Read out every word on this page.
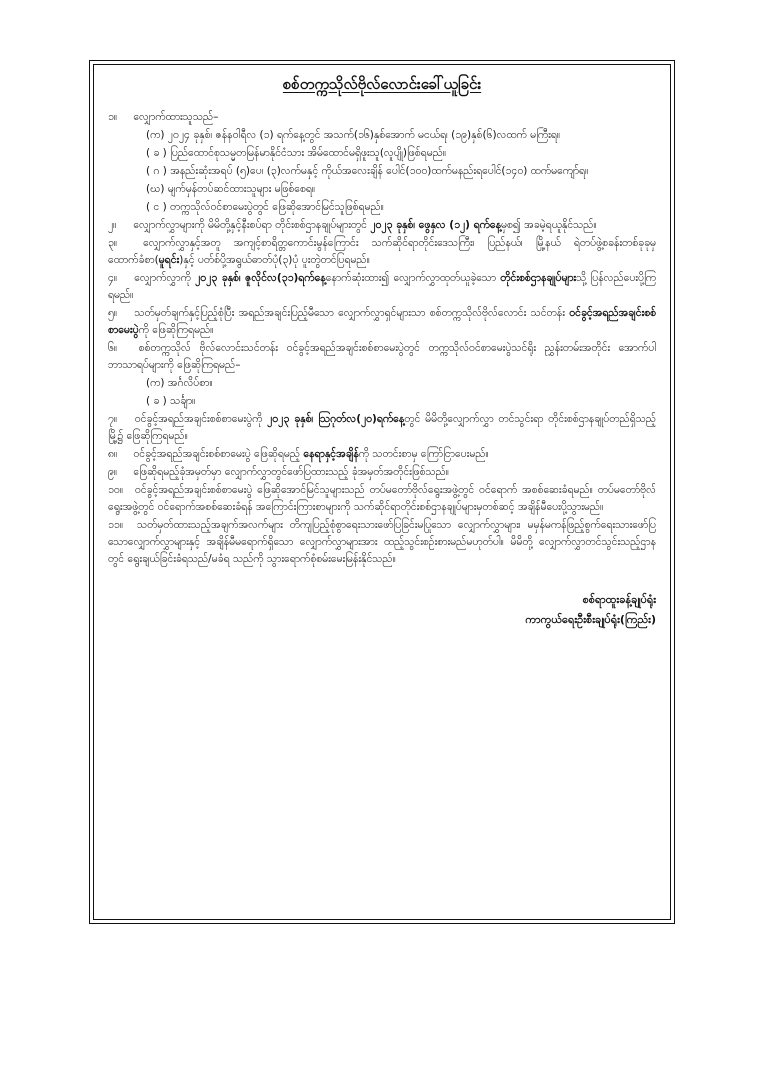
စစ်တက္ကသိုလ်ဗိုလ်လောင်းခေါ်ယူခြင်း
၁။ လျှောက်ထားသူသည်–
(က) ၂၀၂၄ ခုနှစ်၊ ဇန်နဝါရီလ (၁) ရက်နေ့တွင် အသက်(၁၆)နှစ်အောက် မငယ်ရ၊ (၁၉)နှစ်(၆)လထက် မကြီးရ။
( ခ ) ပြည်ထောင်စုသမ္မတမြန်မာနိုင်ငံသား အိမ်ထောင်မရှိဖူးသူ(လူပျို)ဖြစ်ရမည်။
( ဂ ) အနည်းဆုံးအရပ် (၅)ပေ၊ (၃)လက်မနှင့် ကိုယ်အလေးချိန် ပေါင်(၁၀၀)ထက်မနည်းရပေါင်(၁၄၀) ထက်မကျော်ရ။
(ဃ) မျက်မှန်တပ်ဆင်ထားသူများ မဖြစ်စေရ။
( င ) တက္ကသိုလ်ဝင်စာမေးပွဲတွင် ဖြေဆိုအောင်မြင်သူဖြစ်ရမည်။
၂။ လျှောက်လွှာများကို မိမိတို့နှင့်နီးစပ်ရာ တိုင်းစစ်ဌာနချုပ်များတွင် ၂၀၂၃ ခုနှစ်၊ ဖွေနှလ (၁၂) ရက်နေ့မှစ၍ အခမဲ့ရယူနိုင်သည်။
၃။ လျှောက်လွှာနှင့်အတူ အကျင့်စာရိတ္တကောင်းမွန်ကြောင်း သက်ဆိုင်ရာတိုင်းဒေသကြီး၊ ပြည်နယ်၊ မြို့နယ် ရဲတပ်ဖွဲ့စခန်းတစ်ခုခုမှ ထောက်ခံစာ(မူရင်း)နှင့် ပတ်စ်ပို့အရွယ်ဓာတ်ပုံ(၃)ပုံ ပူးတွဲတင်ပြရမည်။
၄။ လျှောက်လွှာကို ၂၀၂၃ ခုနှစ်၊ ဇူလိုင်လ(၃၁)ရက်နေ့နောက်ဆုံးထား၍ လျှောက်လွှာထုတ်ယူခဲ့သော တိုင်းစစ်ဌာနချုပ်များသို့ ပြန်လည်ပေးပို့ကြရမည်။
၅။ သတ်မှတ်ချက်နှင့်ပြည့်စုံပြီး အရည်အချင်းပြည့်မီသော လျှောက်လွှာရှင်များသာ စစ်တက္ကသိုလ်ဗိုလ်လောင်း သင်တန်း ဝင်ခွင့်အရည်အချင်းစစ်စာမေးပွဲကို ဖြေဆိုကြရမည်။
၆။ စစ်တက္ကသိုလ် ဗိုလ်လောင်းသင်တန်း ဝင်ခွင့်အရည်အချင်းစစ်စာမေးပွဲတွင် တက္ကသိုလ်ဝင်စာမေးပွဲသင်ရိုး ညွှန်းတမ်းအတိုင်း အောက်ပါဘာသာရပ်များကို ဖြေဆိုကြရမည်–
(က) အင်္ဂလိပ်စာ။
( ခ ) သင်္ချာ။
၇။ ဝင်ခွင့်အရည်အချင်းစစ်စာမေးပွဲကို ၂၀၂၃ ခုနှစ်၊ ဩဂုတ်လ(၂၀)ရက်နေ့တွင် မိမိတို့လျှောက်လွှာ တင်သွင်းရာ တိုင်းစစ်ဌာနချုပ်တည်ရှိသည့်မြို့၌ ဖြေဆိုကြရမည်။
၈။ ဝင်ခွင့်အရည်အချင်းစစ်စာမေးပွဲ ဖြေဆိုရမည့် နေရာနှင့်အချိန်ကို သတင်းစာမှ ကြော်ငြာပေးမည်။
၉။ ဖြေဆိုရမည့်ခုံအမှတ်မှာ လျှောက်လွှာတွင်ဖော်ပြထားသည့် ခုံအမှတ်အတိုင်းဖြစ်သည်။
၁၀။ ဝင်ခွင့်အရည်အချင်းစစ်စာမေးပွဲ ဖြေဆိုအောင်မြင်သူများသည် တပ်မတော်ဗိုလ်ရွေးအဖွဲ့တွင် ဝင်ရောက် အစစ်ဆေးခံရမည်။ တပ်မတော်ဗိုလ်ရွေးအဖွဲ့တွင် ဝင်ရောက်အစစ်ဆေးခံရန် အကြောင်းကြားစာများကို သက်ဆိုင်ရာတိုင်းစစ်ဌာနချုပ်များမှတစ်ဆင့် အချိန်မီပေးပို့သွားမည်။
၁၁။ သတ်မှတ်ထားသည့်အချက်အလက်များ တိကျပြည့်စုံစွာရေးသားဖော်ပြခြင်းမပြုသော လျှောက်လွှာများ၊ မမှန်မကန်ဖြည့်စွက်ရေးသားဖော်ပြသောလျှောက်လွှာများနှင့် အချိန်မီမရောက်ရှိသော လျှောက်လွှာများအား ထည့်သွင်းစဉ်းစားမည်မဟုတ်ပါ။ မိမိတို့ လျှောက်လွှာတင်သွင်းသည့်ဌာနတွင် ရွေးချယ်ခြင်းခံရသည်/မခံရ သည်ကို သွားရောက်စုံစမ်းမေးမြန်းနိုင်သည်။
စစ်ရာထူးခန့်ချုပ်ရုံး
ကာကွယ်ရေးဦးစီးချုပ်ရုံး(ကြည်း)
